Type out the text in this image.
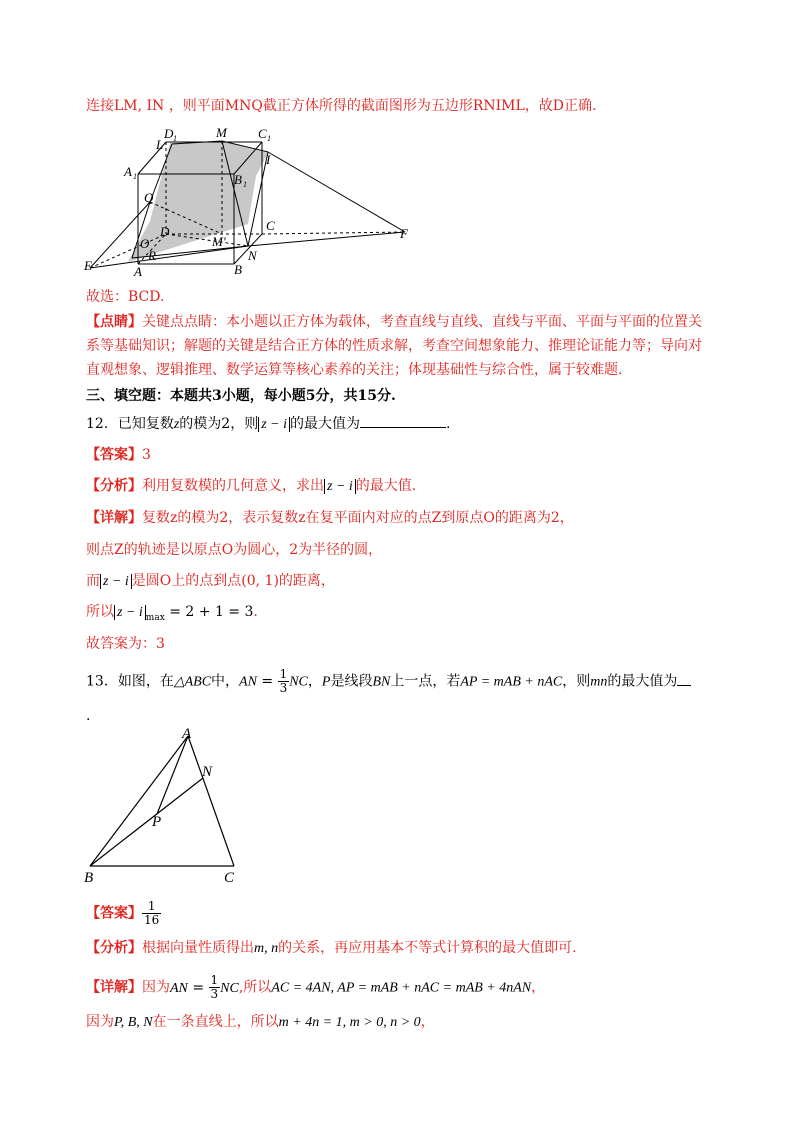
连接LM, IN ，则平面MNQ截正方体所得的截面图形为五边形RNIML，故D正确.
D 1	M C 1
L
I
A 1	B 1
Q
D
M'
C
O
R
E	A	B
N
F
故选：BCD.
【点睛】关键点点睛：本小题以正方体为载体，考查直线与直线、直线与平面、平面与平面的位置关
系等基础知识；解题的关键是结合正方体的性质求解，考查空间想象能力、推理论证能力等；导向对
直观想象、逻辑推理、数学运算等核心素养的关注；体现基础性与综合性，属于较难题.
三、填空题：本题共3小题，每小题5分，共15分.
12．已知复数z的模为2，则 z − i 的最大值为	.
【答案】3
【分析】利用复数模的几何意义，求出 z − i 的最大值.
【详解】复数z的模为2，表示复数z在复平面内对应的点Z到原点O的距离为2，
则点Z的轨迹是以原点O为圆心，2为半径的圆，
而 z − i 是圆O上的点到点(0, 1)的距离，
所以 z − i $_{max}$ = 2 + 1 = 3.
故答案为：3
13．如图，在△ABC中，AN = $\frac{1}{3}$ NC，P是线段BN上一点，若AP = mAB + nAC，则mn的最大值为
.
A
N
P
B	C
【答案】 $\frac{1}{16}$
【分析】根据向量性质得出m, n的关系，再应用基本不等式计算积的最大值即可.
【详解】因为AN = $\frac{1}{3}$ NC,所以AC = 4AN, AP = mAB + nAC = mAB + 4nAN，
因为P, B, N在一条直线上，所以m + 4n = 1, m > 0, n > 0，
